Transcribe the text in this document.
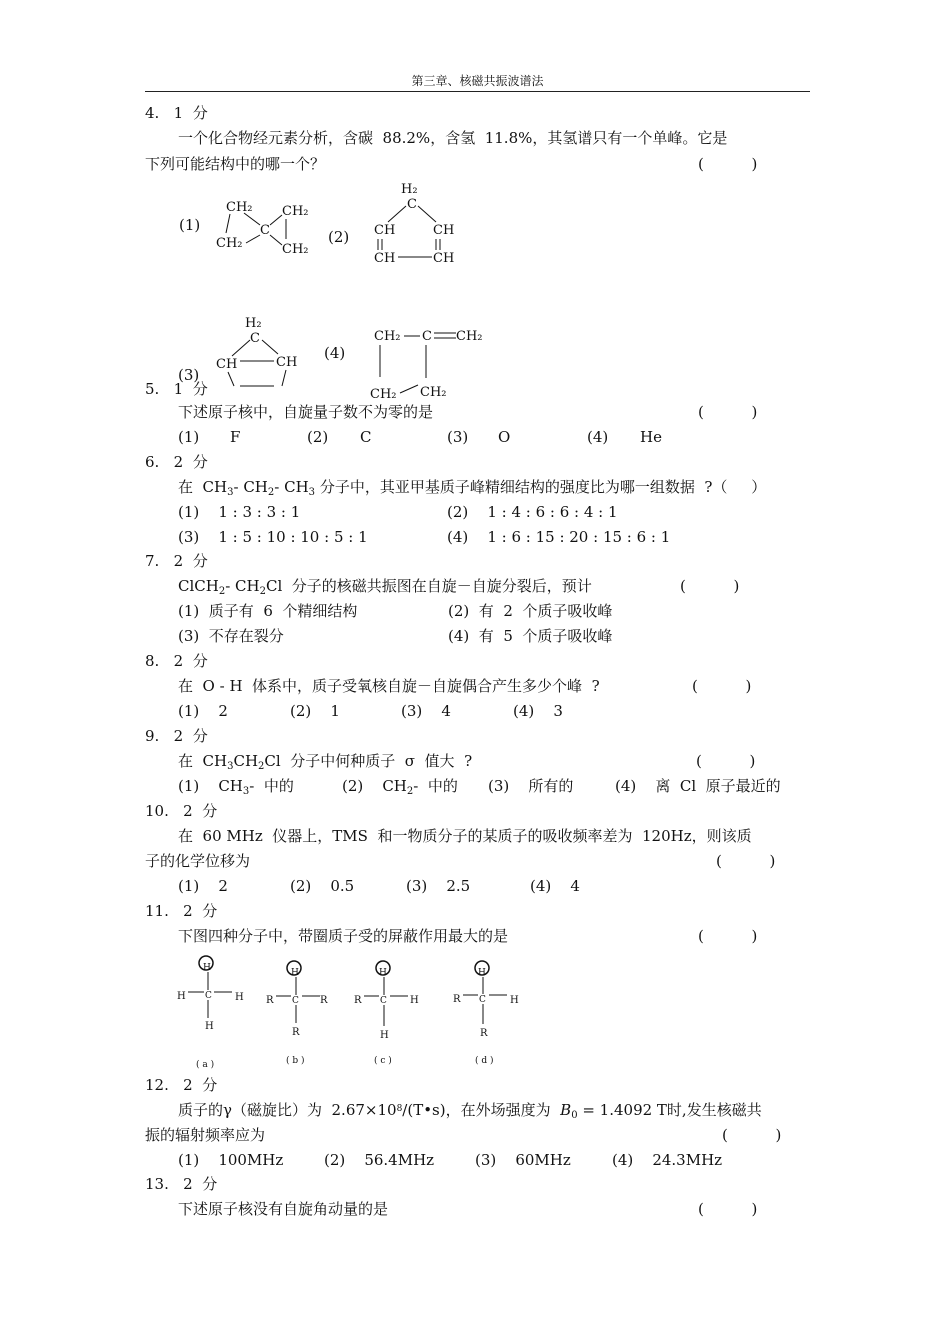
第三章、核磁共振波谱法
4.   1  分
一个化合物经元素分析，含碳  88.2%，含氢  11.8%，其氢谱只有一个单峰。它是
下列可能结构中的哪一个？	(          )
(1)
CH₂ CH₂
C
CH₂	CH₂
(2)
H₂
C
CH	CH
CH	CH
(3)
H₂
C
CH	CH
(4)
CH₂ C CH₂
CH₂ CH₂
5.   1  分
下述原子核中，自旋量子数不为零的是	(          )
(1) F	(2) C	(3) O	(4) He
6.   2  分
在  $CH_3-$ $CH_2-$ $CH_3$ 分子中，其亚甲基质子峰精细结构的强度比为哪一组数据  ?（     ）
(1)    1 : 3 : 3 : 1	(2)    1 : 4 : 6 : 6 : 4 : 1
(3)    1 : 5 : 10 : 10 : 5 : 1	(4)    1 : 6 : 15 : 20 : 15 : 6 : 1
7.   2  分
ClCH$_2$- $CH_2Cl$  分子的核磁共振图在自旋－自旋分裂后，预计	(          )
(1)  质子有  6  个精细结构	(2)  有  2  个质子吸收峰
(3)  不存在裂分	(4)  有  5  个质子吸收峰
8.   2  分
在  O - H  体系中，质子受氧核自旋－自旋偶合产生多少个峰  ?	(          )
(1)    2	(2)    1	(3)    4	(4)    3
9.   2  分
在  $CH_3CH_2Cl$  分子中何种质子  σ  值大  ?	(          )
(1)    $CH_3-$  中的	(2)    $CH_2-$  中的 (3)    所有的	(4)    离  Cl  原子最近的
10.   2  分
在  60 MHz  仪器上，TMS  和一物质分子的某质子的吸收频率差为  120Hz，则该质
子的化学位移为	(          )
(1)    2	(2)    0.5	(3)    2.5	(4)    4
11.   2  分
下图四种分子中，带圈质子受的屏蔽作用最大的是	(          )
H
H C H
H
( a )
H
R C R
R
( b )
H
R C H
H
( c )
H
R C H
R
( d )
12.   2  分
质子的γ（磁旋比）为  $2.67\times 10^8/(T•s)$，在外场强度为  $B_0 = 1.4092$ T时,发生核磁共
振的辐射频率应为	(          )
(1)    100MHz	(2)    56.4MHz	(3)    60MHz	(4)    24.3MHz
13.   2  分
下述原子核没有自旋角动量的是	(          )
